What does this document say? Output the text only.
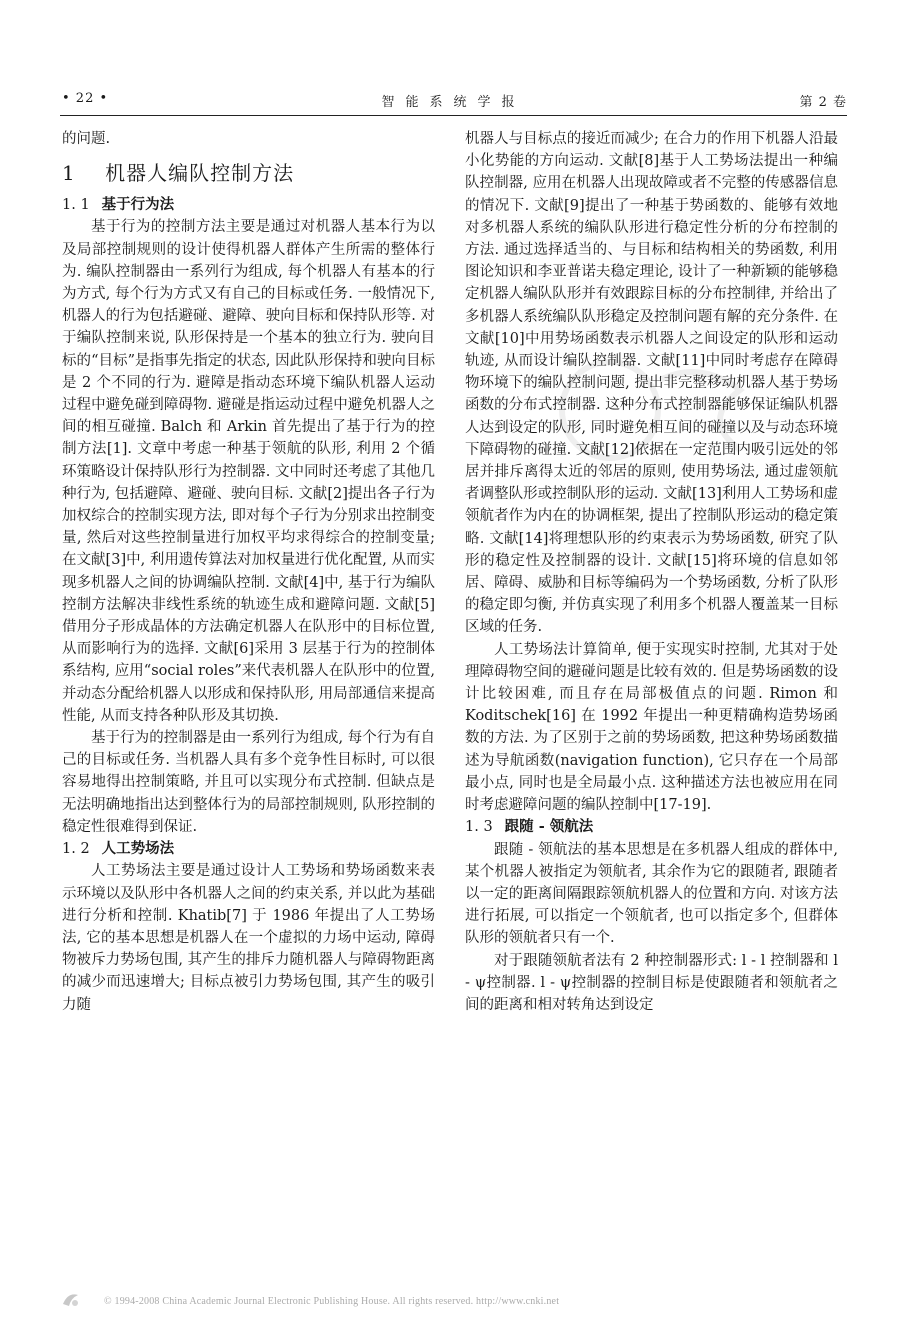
• 22 •	智能系统学报	第 2 卷

的问题.

1 机器人编队控制方法

1. 1 基于行为法

基于行为的控制方法主要是通过对机器人基本行为以及局部控制规则的设计使得机器人群体产生所需的整体行为. 编队控制器由一系列行为组成, 每个机器人有基本的行为方式, 每个行为方式又有自己的目标或任务. 一般情况下, 机器人的行为包括避碰、避障、驶向目标和保持队形等. 对于编队控制来说, 队形保持是一个基本的独立行为. 驶向目标的“目标”是指事先指定的状态, 因此队形保持和驶向目标是 2 个不同的行为. 避障是指动态环境下编队机器人运动过程中避免碰到障碍物. 避碰是指运动过程中避免机器人之间的相互碰撞. Balch 和 Arkin 首先提出了基于行为的控制方法[1]. 文章中考虑一种基于领航的队形, 利用 2 个循环策略设计保持队形行为控制器. 文中同时还考虑了其他几种行为, 包括避障、避碰、驶向目标. 文献[2]提出各子行为加权综合的控制实现方法, 即对每个子行为分别求出控制变量, 然后对这些控制量进行加权平均求得综合的控制变量; 在文献[3]中, 利用遗传算法对加权量进行优化配置, 从而实现多机器人之间的协调编队控制. 文献[4]中, 基于行为编队控制方法解决非线性系统的轨迹生成和避障问题. 文献[5]借用分子形成晶体的方法确定机器人在队形中的目标位置, 从而影响行为的选择. 文献[6]采用 3 层基于行为的控制体系结构, 应用“social roles”来代表机器人在队形中的位置, 并动态分配给机器人以形成和保持队形, 用局部通信来提高性能, 从而支持各种队形及其切换.

基于行为的控制器是由一系列行为组成, 每个行为有自己的目标或任务. 当机器人具有多个竞争性目标时, 可以很容易地得出控制策略, 并且可以实现分布式控制. 但缺点是无法明确地指出达到整体行为的局部控制规则, 队形控制的稳定性很难得到保证.

1. 2 人工势场法

人工势场法主要是通过设计人工势场和势场函数来表示环境以及队形中各机器人之间的约束关系, 并以此为基础进行分析和控制. Khatib[7] 于 1986 年提出了人工势场法, 它的基本思想是机器人在一个虚拟的力场中运动, 障碍物被斥力势场包围, 其产生的排斥力随机器人与障碍物距离的减少而迅速增大; 目标点被引力势场包围, 其产生的吸引力随

机器人与目标点的接近而减少; 在合力的作用下机器人沿最小化势能的方向运动. 文献[8]基于人工势场法提出一种编队控制器, 应用在机器人出现故障或者不完整的传感器信息的情况下. 文献[9]提出了一种基于势函数的、能够有效地对多机器人系统的编队队形进行稳定性分析的分布控制的方法. 通过选择适当的、与目标和结构相关的势函数, 利用图论知识和李亚普诺夫稳定理论, 设计了一种新颖的能够稳定机器人编队队形并有效跟踪目标的分布控制律, 并给出了多机器人系统编队队形稳定及控制问题有解的充分条件. 在文献[10]中用势场函数表示机器人之间设定的队形和运动轨迹, 从而设计编队控制器. 文献[11]中同时考虑存在障碍物环境下的编队控制问题, 提出非完整移动机器人基于势场函数的分布式控制器. 这种分布式控制器能够保证编队机器人达到设定的队形, 同时避免相互间的碰撞以及与动态环境下障碍物的碰撞. 文献[12]依据在一定范围内吸引远处的邻居并排斥离得太近的邻居的原则, 使用势场法, 通过虚领航者调整队形或控制队形的运动. 文献[13]利用人工势场和虚领航者作为内在的协调框架, 提出了控制队形运动的稳定策略. 文献[14]将理想队形的约束表示为势场函数, 研究了队形的稳定性及控制器的设计. 文献[15]将环境的信息如邻居、障碍、威胁和目标等编码为一个势场函数, 分析了队形的稳定即匀衡, 并仿真实现了利用多个机器人覆盖某一目标区域的任务.

人工势场法计算简单, 便于实现实时控制, 尤其对于处理障碍物空间的避碰问题是比较有效的. 但是势场函数的设计比较困难, 而且存在局部极值点的问题. Rimon 和 Koditschek[16] 在 1992 年提出一种更精确构造势场函数的方法. 为了区别于之前的势场函数, 把这种势场函数描述为导航函数(navigation function), 它只存在一个局部最小点, 同时也是全局最小点. 这种描述方法也被应用在同时考虑避障问题的编队控制中[17-19].

1. 3 跟随 - 领航法

跟随 - 领航法的基本思想是在多机器人组成的群体中, 某个机器人被指定为领航者, 其余作为它的跟随者, 跟随者以一定的距离间隔跟踪领航机器人的位置和方向. 对该方法进行拓展, 可以指定一个领航者, 也可以指定多个, 但群体队形的领航者只有一个.

对于跟随领航者法有 2 种控制器形式: l - l 控制器和 l - ψ控制器. l - ψ控制器的控制目标是使跟随者和领航者之间的距离和相对转角达到设定

© 1994-2008 China Academic Journal Electronic Publishing House. All rights reserved. http://www.cnki.net
